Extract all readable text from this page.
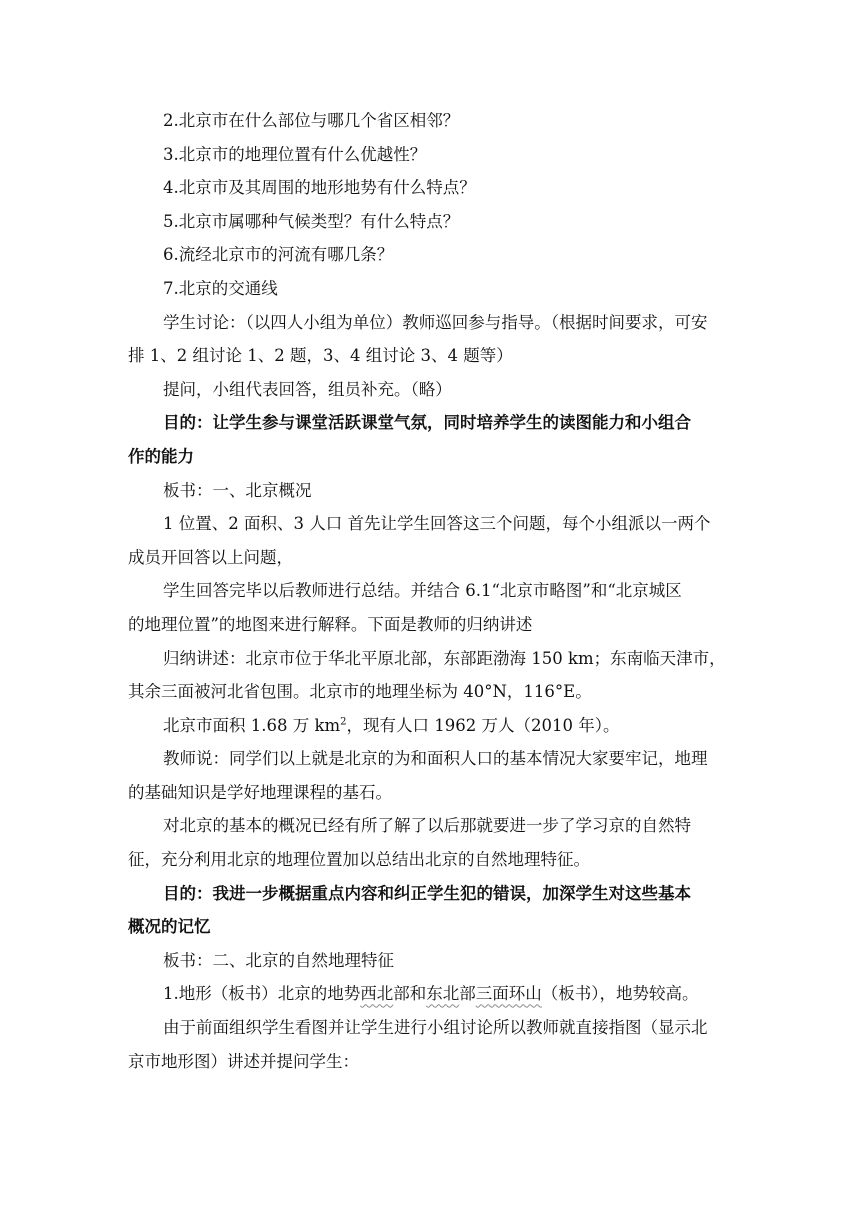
2.北京市在什么部位与哪几个省区相邻？
3.北京市的地理位置有什么优越性？
4.北京市及其周围的地形地势有什么特点？
5.北京市属哪种气候类型？有什么特点？
6.流经北京市的河流有哪几条？
7.北京的交通线
学生讨论：（以四人小组为单位）教师巡回参与指导。（根据时间要求，可安
排 1、2 组讨论 1、2 题，3、4 组讨论 3、4 题等）
提问，小组代表回答，组员补充。（略）
目的：让学生参与课堂活跃课堂气氛，同时培养学生的读图能力和小组合
作的能力
板书：一、北京概况
1 位置、2 面积、3 人口 首先让学生回答这三个问题，每个小组派以一两个
成员开回答以上问题，
学生回答完毕以后教师进行总结。并结合 6.1“北京市略图”和“北京城区
的地理位置”的地图来进行解释。下面是教师的归纳讲述
归纳讲述：北京市位于华北平原北部，东部距渤海 150 km；东南临天津市，
其余三面被河北省包围。北京市的地理坐标为 40°N，116°E。
北京市面积 1.68 万 $km^2$，现有人口 1962 万人（2010 年）。
教师说：同学们以上就是北京的为和面积人口的基本情况大家要牢记，地理
的基础知识是学好地理课程的基石。
对北京的基本的概况已经有所了解了以后那就要进一步了学习京的自然特
征，充分利用北京的地理位置加以总结出北京的自然地理特征。
目的：我进一步概据重点内容和纠正学生犯的错误，加深学生对这些基本
概况的记忆
板书：二、北京的自然地理特征
1.地形（板书）北京的地势西北部和东北部三面环山（板书），地势较高。
由于前面组织学生看图并让学生进行小组讨论所以教师就直接指图（显示北
京市地形图）讲述并提问学生：
